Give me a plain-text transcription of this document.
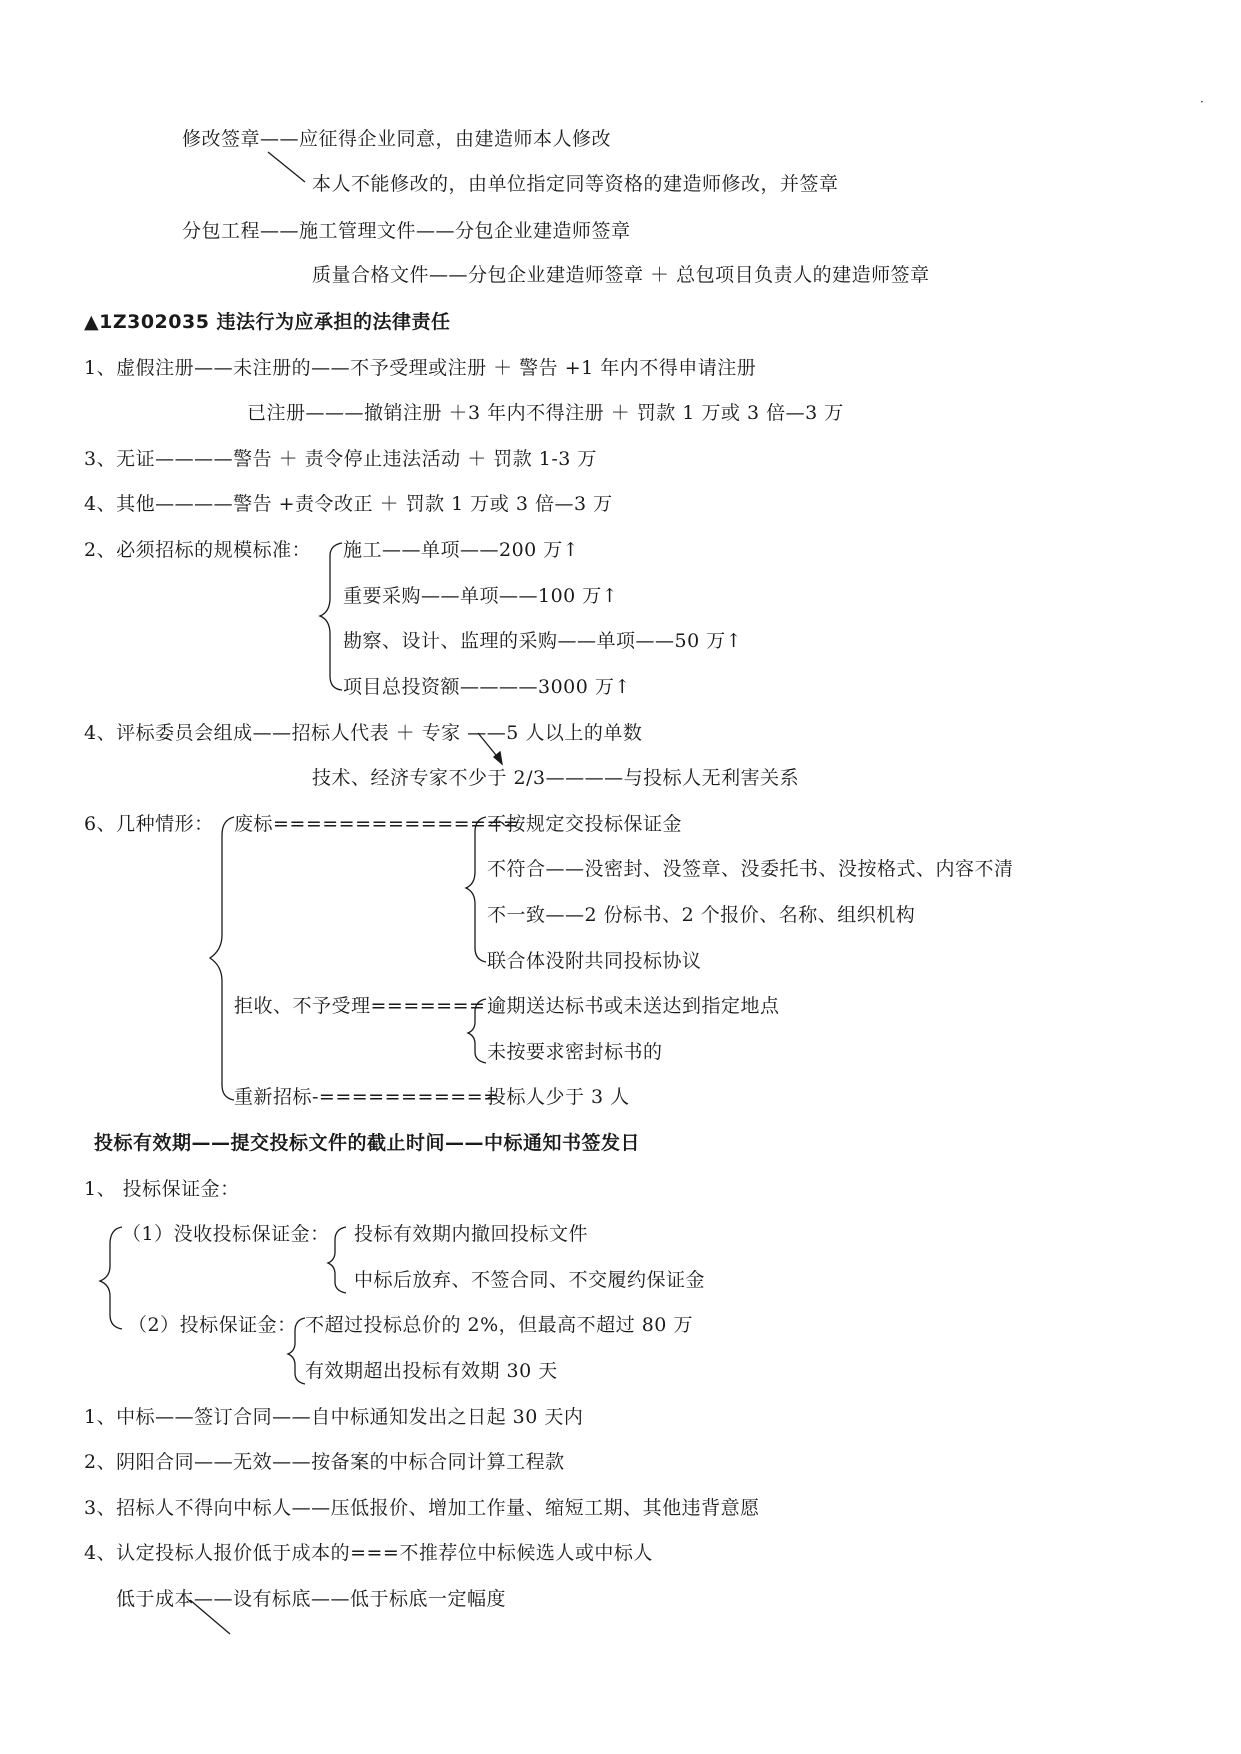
·
修改签章——应征得企业同意，由建造师本人修改
本人不能修改的，由单位指定同等资格的建造师修改，并签章
分包工程——施工管理文件——分包企业建造师签章
质量合格文件——分包企业建造师签章 ＋ 总包项目负责人的建造师签章
▲1Z302035 违法行为应承担的法律责任
1、虚假注册——未注册的——不予受理或注册 ＋ 警告 +1 年内不得申请注册
已注册———撤销注册 ＋3 年内不得注册 ＋ 罚款 1 万或 3 倍—3 万
3、无证————警告 ＋ 责令停止违法活动 ＋ 罚款 1-3 万
4、其他————警告 +责令改正 ＋ 罚款 1 万或 3 倍—3 万
2、必须招标的规模标准： 施工——单项——200 万↑
重要采购——单项——100 万↑
勘察、设计、监理的采购——单项——50 万↑
项目总投资额————3000 万↑
4、评标委员会组成——招标人代表 ＋ 专家 ——5 人以上的单数
技术、经济专家不少于 2/3————与投标人无利害关系
6、几种情形： 废标===============
不按规定交投标保证金
不符合——没密封、没签章、没委托书、没按格式、内容不清
不一致——2 份标书、2 个报价、名称、组织机构
联合体没附共同投标协议
拒收、不予受理======= 逾期送达标书或未送达到指定地点
未按要求密封标书的
重新招标-===========
投标人少于 3 人
投标有效期——提交投标文件的截止时间——中标通知书签发日
1、 投标保证金：
（1）没收投标保证金： 投标有效期内撤回投标文件
中标后放弃、不签合同、不交履约保证金
（2）投标保证金： 不超过投标总价的 2%，但最高不超过 80 万
有效期超出投标有效期 30 天
1、中标——签订合同——自中标通知发出之日起 30 天内
2、阴阳合同——无效——按备案的中标合同计算工程款
3、招标人不得向中标人——压低报价、增加工作量、缩短工期、其他违背意愿
4、认定投标人报价低于成本的===不推荐位中标候选人或中标人
低于成本——设有标底——低于标底一定幅度
